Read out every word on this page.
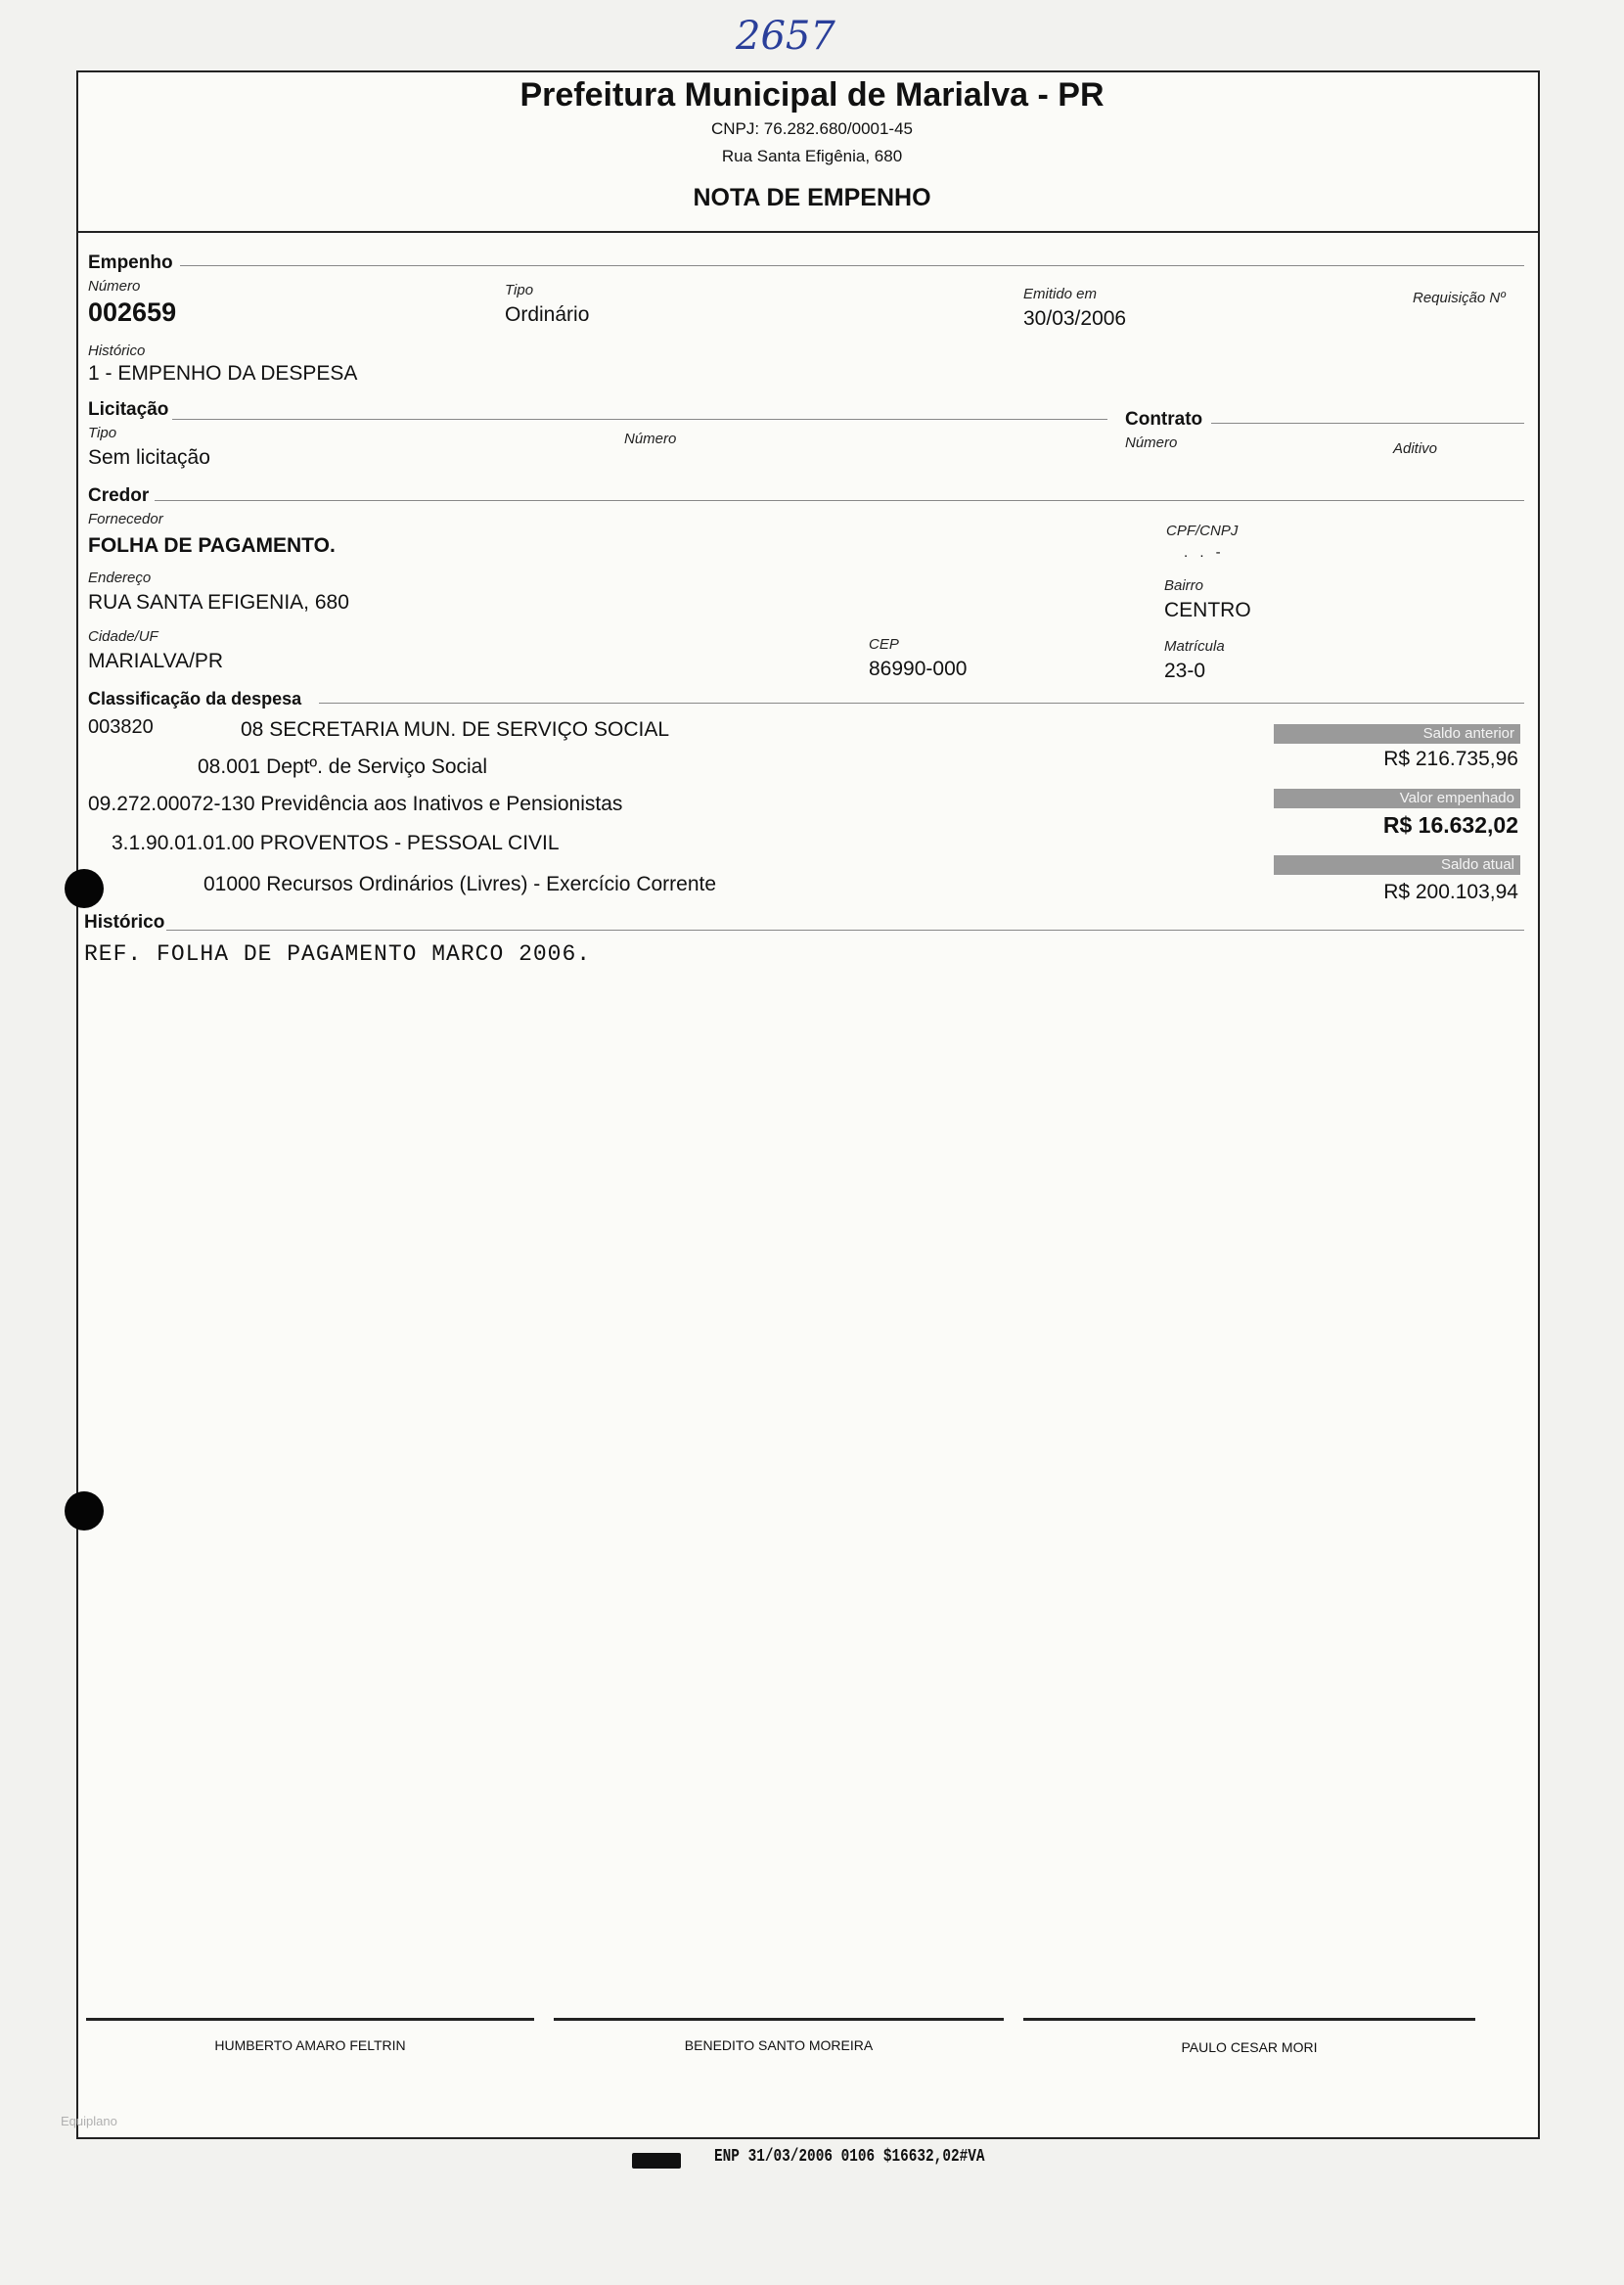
2657
Prefeitura Municipal de Marialva - PR
CNPJ: 76.282.680/0001-45
Rua Santa Efigênia, 680
NOTA DE EMPENHO
Empenho
Número
002659
Tipo
Ordinário
Emitido em
30/03/2006
Requisição Nº
Histórico
1 - EMPENHO DA DESPESA
Licitação	Contrato
Tipo
Sem licitação
Número	Número	Aditivo
Credor
Fornecedor
FOLHA DE PAGAMENTO.
CPF/CNPJ
. . -
Endereço
RUA SANTA EFIGENIA, 680
Bairro
CENTRO
Cidade/UF
MARIALVA/PR
CEP
86990-000
Matrícula
23-0
Classificação da despesa
003820	08 SECRETARIA MUN. DE SERVIÇO SOCIAL
08.001 Deptº. de Serviço Social
09.272.00072-130 Previdência aos Inativos e Pensionistas
3.1.90.01.01.00 PROVENTOS - PESSOAL CIVIL
01000 Recursos Ordinários (Livres) - Exercício Corrente
Saldo anterior
R$ 216.735,96
Valor empenhado
R$ 16.632,02
Saldo atual
R$ 200.103,94
Histórico
REF. FOLHA DE PAGAMENTO MARCO 2006.
HUMBERTO AMARO FELTRIN	BENEDITO SANTO MOREIRA	PAULO CESAR MORI
Equiplano
ENP 31/03/2006 0106 $16632,02#VA
